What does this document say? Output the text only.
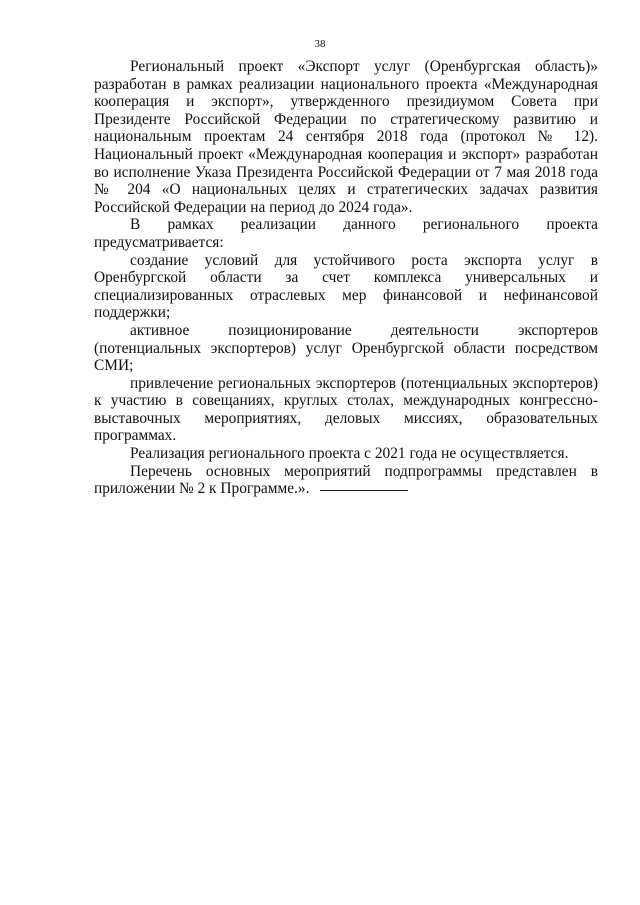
38

Региональный проект «Экспорт услуг (Оренбургская область)» разработан в рамках реализации национального проекта «Международная кооперация и экспорт», утвержденного президиумом Совета при Президенте Российской Федерации по стратегическому развитию и национальным проектам 24 сентября 2018 года (протокол № 12). Национальный проект «Международная кооперация и экспорт» разработан во исполнение Указа Президента Российской Федерации от 7 мая 2018 года № 204 «О национальных целях и стратегических задачах развития Российской Федерации на период до 2024 года».

В рамках реализации данного регионального проекта предусматривается:

создание условий для устойчивого роста экспорта услуг в Оренбургской области за счет комплекса универсальных и специализированных отраслевых мер финансовой и нефинансовой поддержки;

активное позиционирование деятельности экспортеров (потенциальных экспортеров) услуг Оренбургской области посредством СМИ;

привлечение региональных экспортеров (потенциальных экспортеров) к участию в совещаниях, круглых столах, международных конгрессно-выставочных мероприятиях, деловых миссиях, образовательных программах.

Реализация регионального проекта с 2021 года не осуществляется.

Перечень основных мероприятий подпрограммы представлен в приложении № 2 к Программе.».
